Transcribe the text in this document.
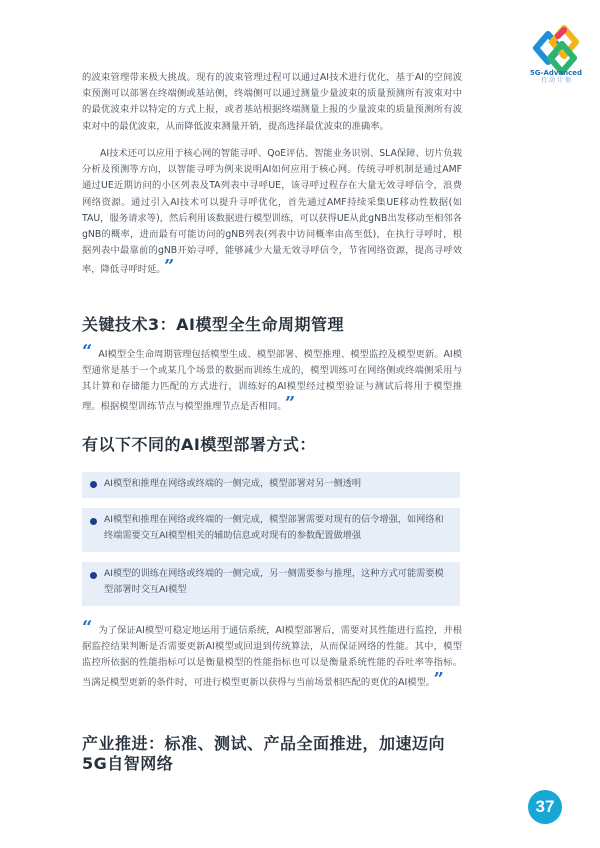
5G-Advanced
行 动 计 划

的波束管理带来极大挑战。现有的波束管理过程可以通过AI技术进行优化，基于AI的空间波束预测可以部署在终端侧或基站侧，终端侧可以通过测量少量波束的质量预测所有波束对中的最优波束并以特定的方式上报，或者基站根据终端测量上报的少量波束的质量预测所有波束对中的最优波束，从而降低波束测量开销，提高选择最优波束的准确率。

AI技术还可以应用于核心网的智能寻呼、QoE评估、智能业务识别、SLA保障、切片负载分析及预测等方向，以智能寻呼为例来说明AI如何应用于核心网。传统寻呼机制是通过AMF通过UE近期访问的小区列表及TA列表中寻呼UE，该寻呼过程存在大量无效寻呼信令，浪费网络资源。通过引入AI技术可以提升寻呼优化，首先通过AMF持续采集UE移动性数据(如TAU，服务请求等)，然后利用该数据进行模型训练，可以获得UE从此gNB出发移动至相邻各gNB的概率，进而最有可能访问的gNB列表(列表中访问概率由高至低)，在执行寻呼时，根据列表中最靠前的gNB开始寻呼，能够减少大量无效寻呼信令，节省网络资源，提高寻呼效率，降低寻呼时延。 ”

关键技术3：AI模型全生命周期管理

“ AI模型全生命周期管理包括模型生成、模型部署、模型推理、模型监控及模型更新。AI模型通常是基于一个或某几个场景的数据而训练生成的，模型训练可在网络侧或终端侧采用与其计算和存储能力匹配的方式进行，训练好的AI模型经过模型验证与测试后将用于模型推理。根据模型训练节点与模型推理节点是否相同。 ”

有以下不同的AI模型部署方式：
AI模型和推理在网络或终端的一侧完成，模型部署对另一侧透明
AI模型和推理在网络或终端的一侧完成，模型部署需要对现有的信令增强，如网络和终端需要交互AI模型相关的辅助信息或对现有的参数配置做增强
AI模型的训练在网络或终端的一侧完成，另一侧需要参与推理，这种方式可能需要模型部署时交互AI模型

“ 为了保证AI模型可稳定地运用于通信系统，AI模型部署后，需要对其性能进行监控，并根据监控结果判断是否需要更新AI模型或回退到传统算法，从而保证网络的性能。其中，模型监控所依据的性能指标可以是衡量模型的性能指标也可以是衡量系统性能的吞吐率等指标。当满足模型更新的条件时，可进行模型更新以获得与当前场景相匹配的更优的AI模型。 ”

产业推进：标准、测试、产品全面推进，加速迈向5G自智网络
37
